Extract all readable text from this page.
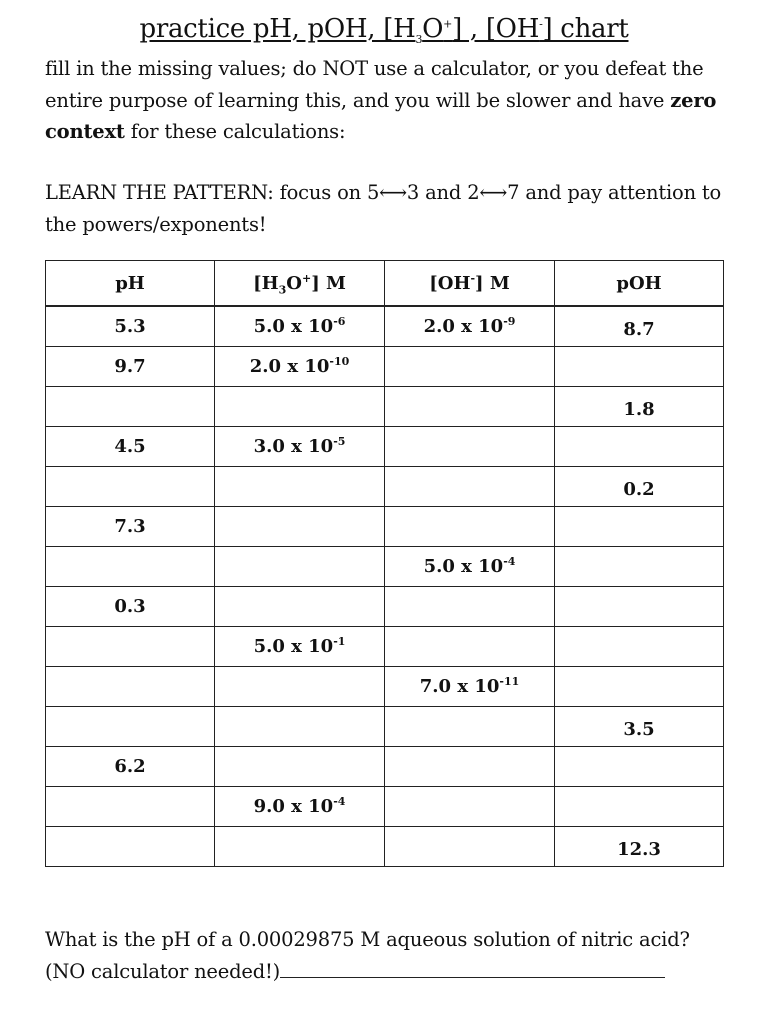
practice pH, pOH, $[H_3O^+]$ , [OH-] chart
fill in the missing values; do NOT use a calculator, or you defeat the entire purpose of learning this, and you will be slower and have zero context for these calculations:
LEARN THE PATTERN: focus on 5⟷3 and 2⟷7 and pay attention to the powers/exponents!
pH	$[H_3O^+]$ M	[OH-] M	pOH
5.3	5.0 x $10^{-6}$	2.0 x $10^{-9}$	8.7
9.7	2.0 x $10^{-10}$		
			1.8
4.5	3.0 x $10^{-5}$		
			0.2
7.3			
		5.0 x $10^{-4}$	
0.3			
	5.0 x $10^{-1}$		
		7.0 x $10^{-11}$	
			3.5
6.2			
	9.0 x $10^{-4}$		
			12.3
What is the pH of a 0.00029875 M aqueous solution of nitric acid?
(NO calculator needed!)
